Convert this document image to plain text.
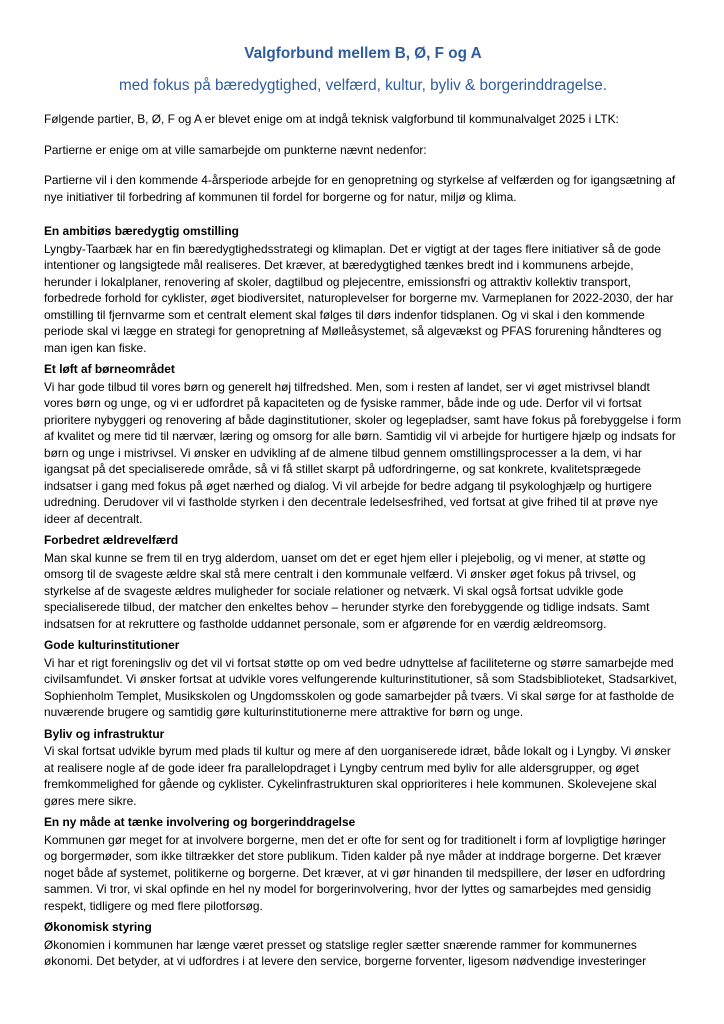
Valgforbund mellem B, Ø, F og A
med fokus på bæredygtighed, velfærd, kultur, byliv & borgerinddragelse.

Følgende partier, B, Ø, F og A er blevet enige om at indgå teknisk valgforbund til kommunalvalget 2025 i LTK:

Partierne er enige om at ville samarbejde om punkterne nævnt nedenfor:

Partierne vil i den kommende 4-årsperiode arbejde for en genopretning og styrkelse af velfærden og for igangsætning af nye initiativer til forbedring af kommunen til fordel for borgerne og for natur, miljø og klima.

En ambitiøs bæredygtig omstilling

Lyngby-Taarbæk har en fin bæredygtighedsstrategi og klimaplan. Det er vigtigt at der tages flere initiativer så de gode intentioner og langsigtede mål realiseres. Det kræver, at bæredygtighed tænkes bredt ind i kommunens arbejde, herunder i lokalplaner, renovering af skoler, dagtilbud og plejecentre, emissionsfri og attraktiv kollektiv transport, forbedrede forhold for cyklister, øget biodiversitet, naturoplevelser for borgerne mv. Varmeplanen for 2022-2030, der har omstilling til fjernvarme som et centralt element skal følges til dørs indenfor tidsplanen. Og vi skal i den kommende periode skal vi lægge en strategi for genopretning af Mølleåsystemet, så algevækst og PFAS forurening håndteres og man igen kan fiske.

Et løft af børneområdet

Vi har gode tilbud til vores børn og generelt høj tilfredshed. Men, som i resten af landet, ser vi øget mistrivsel blandt vores børn og unge, og vi er udfordret på kapaciteten og de fysiske rammer, både inde og ude. Derfor vil vi fortsat prioritere nybyggeri og renovering af både daginstitutioner, skoler og legepladser, samt have fokus på forebyggelse i form af kvalitet og mere tid til nærvær, læring og omsorg for alle børn. Samtidig vil vi arbejde for hurtigere hjælp og indsats for børn og unge i mistrivsel. Vi ønsker en udvikling af de almene tilbud gennem omstillingsprocesser a la dem, vi har igangsat på det specialiserede område, så vi få stillet skarpt på udfordringerne, og sat konkrete, kvalitetsprægede indsatser i gang med fokus på øget nærhed og dialog. Vi vil arbejde for bedre adgang til psykologhjælp og hurtigere udredning. Derudover vil vi fastholde styrken i den decentrale ledelsesfrihed, ved fortsat at give frihed til at prøve nye ideer af decentralt.

Forbedret ældrevelfærd

Man skal kunne se frem til en tryg alderdom, uanset om det er eget hjem eller i plejebolig, og vi mener, at støtte og omsorg til de svageste ældre skal stå mere centralt i den kommunale velfærd. Vi ønsker øget fokus på trivsel, og styrkelse af de svageste ældres muligheder for sociale relationer og netværk. Vi skal også fortsat udvikle gode specialiserede tilbud, der matcher den enkeltes behov – herunder styrke den forebyggende og tidlige indsats. Samt indsatsen for at rekruttere og fastholde uddannet personale, som er afgørende for en værdig ældreomsorg.

Gode kulturinstitutioner

Vi har et rigt foreningsliv og det vil vi fortsat støtte op om ved bedre udnyttelse af faciliteterne og større samarbejde med civilsamfundet. Vi ønsker fortsat at udvikle vores velfungerende kulturinstitutioner, så som Stadsbiblioteket, Stadsarkivet, Sophienholm Templet, Musikskolen og Ungdomsskolen og gode samarbejder på tværs. Vi skal sørge for at fastholde de nuværende brugere og samtidig gøre kulturinstitutionerne mere attraktive for børn og unge.

Byliv og infrastruktur

Vi skal fortsat udvikle byrum med plads til kultur og mere af den uorganiserede idræt, både lokalt og i Lyngby. Vi ønsker at realisere nogle af de gode ideer fra parallelopdraget i Lyngby centrum med byliv for alle aldersgrupper, og øget fremkommelighed for gående og cyklister. Cykelinfrastrukturen skal opprioriteres i hele kommunen. Skolevejene skal gøres mere sikre.

En ny måde at tænke involvering og borgerinddragelse

Kommunen gør meget for at involvere borgerne, men det er ofte for sent og for traditionelt i form af lovpligtige høringer og borgermøder, som ikke tiltrækker det store publikum. Tiden kalder på nye måder at inddrage borgerne. Det kræver noget både af systemet, politikerne og borgerne. Det kræver, at vi gør hinanden til medspillere, der løser en udfordring sammen. Vi tror, vi skal opfinde en hel ny model for borgerinvolvering, hvor der lyttes og samarbejdes med gensidig respekt, tidligere og med flere pilotforsøg.

Økonomisk styring

Økonomien i kommunen har længe været presset og statslige regler sætter snærende rammer for kommunernes økonomi. Det betyder, at vi udfordres i at levere den service, borgerne forventer, ligesom nødvendige investeringer
